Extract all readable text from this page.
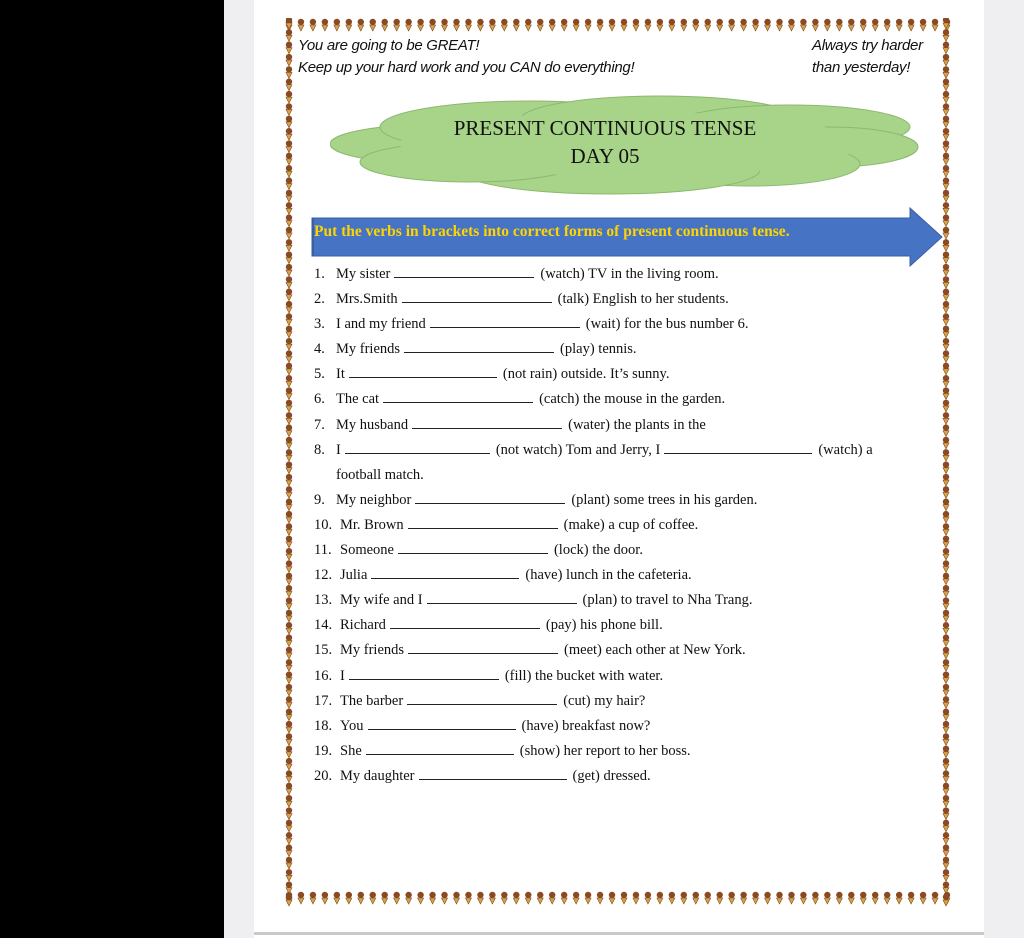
You are going to be GREAT!
Keep up your hard work and you CAN do everything!
Always try harder
than yesterday!
PRESENT CONTINUOUS TENSE
DAY 05
Put the verbs in brackets into correct forms of present continuous tense.
1. My sister	(watch) TV in the living room.
2. Mrs.Smith	(talk) English to her students.
3. I and my friend	(wait) for the bus number 6.
4. My friends	(play) tennis.
5. It	(not rain) outside. It’s sunny.
6. The cat	(catch) the mouse in the garden.
7. My husband	(water) the plants in the
8. I	(not watch) Tom and Jerry, I	(watch) a
football match.
9. My neighbor	(plant) some trees in his garden.
10. Mr. Brown	(make) a cup of coffee.
11. Someone	(lock) the door.
12. Julia	(have) lunch in the cafeteria.
13. My wife and I	(plan) to travel to Nha Trang.
14. Richard	(pay) his phone bill.
15. My friends	(meet) each other at New York.
16. I	(fill) the bucket with water.
17. The barber	(cut) my hair?
18. You	(have) breakfast now?
19. She	(show) her report to her boss.
20. My daughter	(get) dressed.
